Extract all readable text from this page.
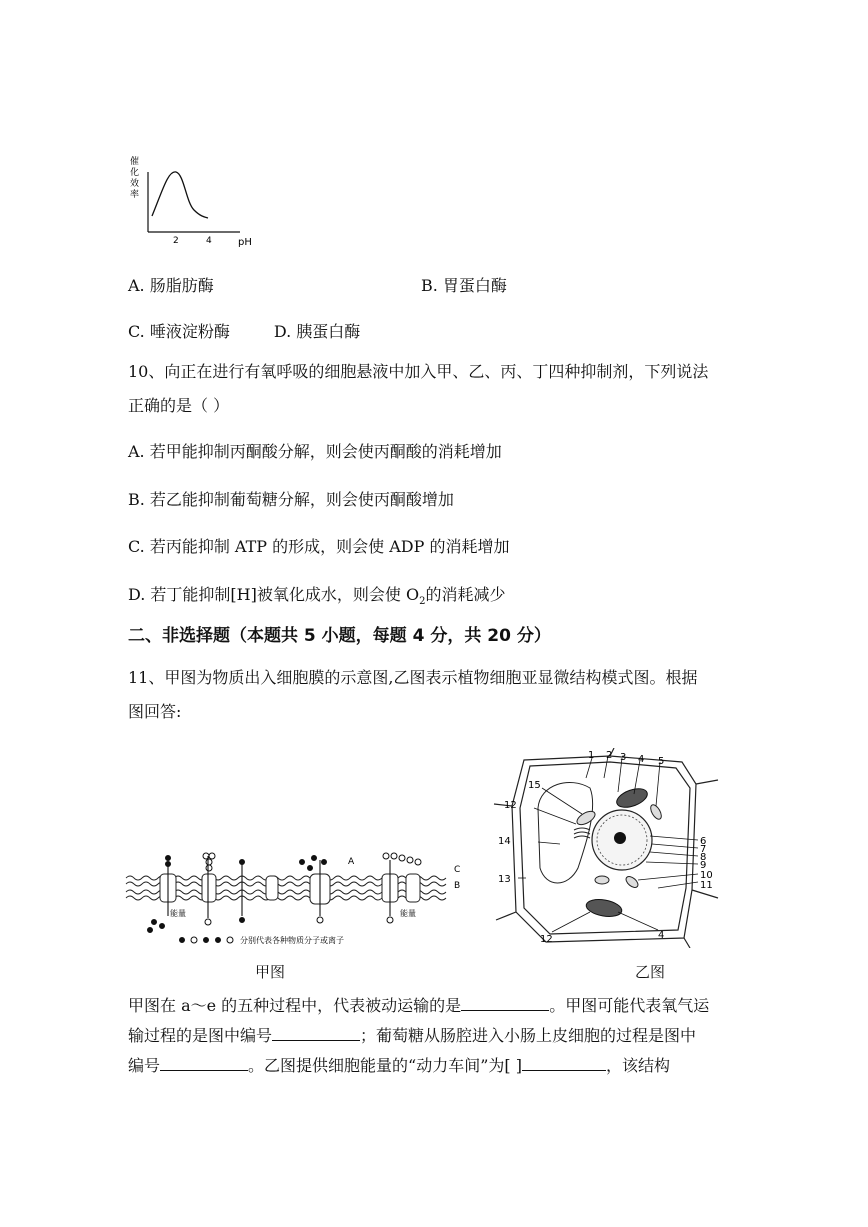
催
化
效
率
2	4	pH
A. 肠脂肪酶	B. 胃蛋白酶
C. 唾液淀粉酶	D. 胰蛋白酶
10、向正在进行有氧呼吸的细胞悬液中加入甲、乙、丙、丁四种抑制剂，下列说法
正确的是（ ）
A. 若甲能抑制丙酮酸分解，则会使丙酮酸的消耗增加
B. 若乙能抑制葡萄糖分解，则会使丙酮酸增加
C. 若丙能抑制 ATP 的形成，则会使 ADP 的消耗增加
D. 若丁能抑制[H]被氧化成水，则会使 $O_2$的消耗减少
二、非选择题（本题共 5 小题，每题 4 分，共 20 分）
11、甲图为物质出入细胞膜的示意图,乙图表示植物细胞亚显微结构模式图。根据
图回答:
A
C
B
能量	能量
分别代表各种物质分子或离子
1 2 3 4 5
6
7
8
9
10
11
12
13
14
15
12	4
甲图	乙图
甲图在 a～e 的五种过程中，代表被动运输的是	。甲图可能代表氧气运
输过程的是图中编号	；葡萄糖从肠腔进入小肠上皮细胞的过程是图中
编号	。乙图提供细胞能量的“动力车间”为[ ]	，该结构
